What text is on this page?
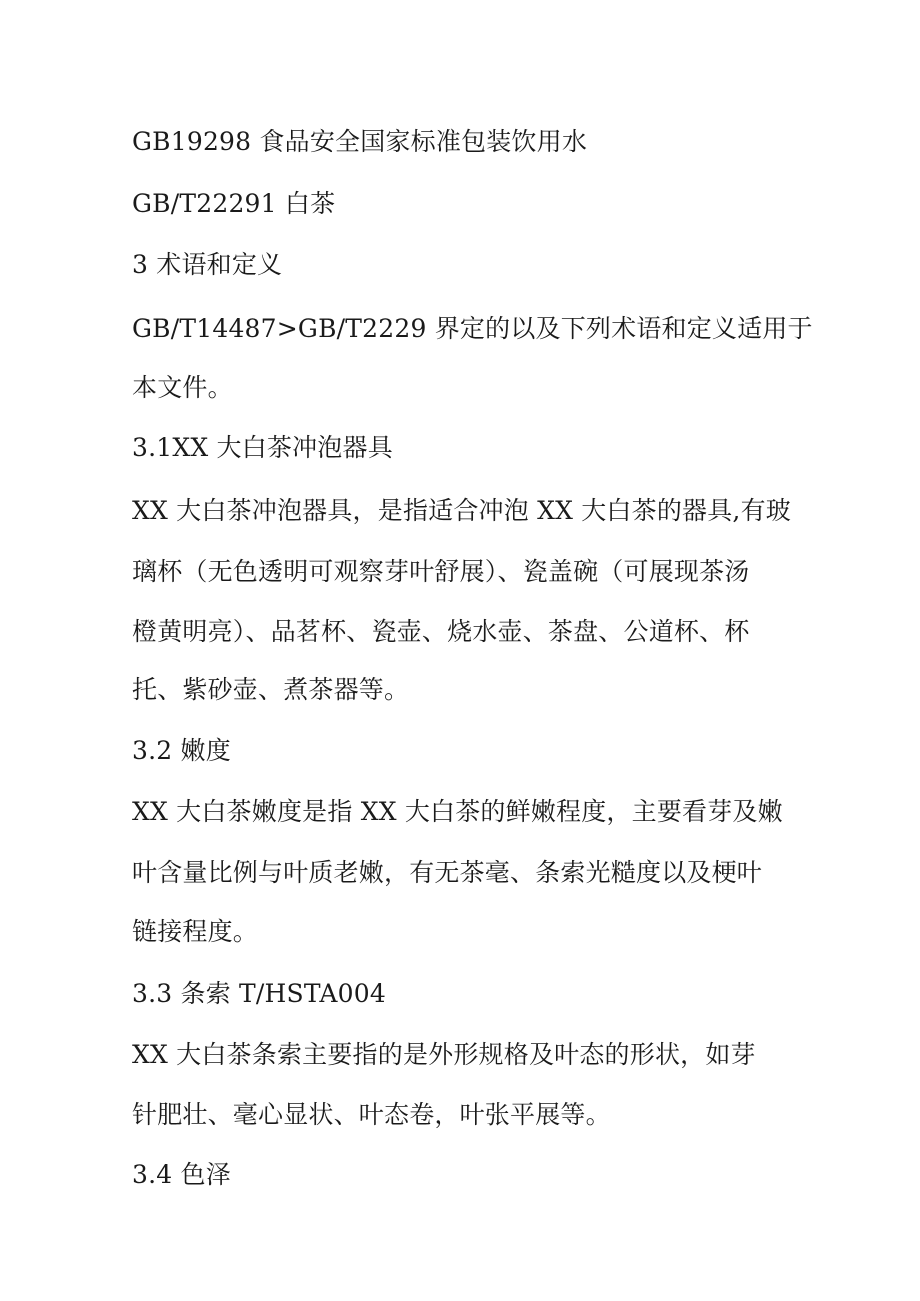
GB19298 食品安全国家标准包装饮用水
GB/T22291 白茶
3 术语和定义
GB/T14487>GB/T2229 界定的以及下列术语和定义适用于
本文件。
3.1XX 大白茶冲泡器具
XX 大白茶冲泡器具，是指适合冲泡 XX 大白茶的器具,有玻
璃杯（无色透明可观察芽叶舒展）、瓷盖碗（可展现茶汤
橙黄明亮）、品茗杯、瓷壶、烧水壶、茶盘、公道杯、杯
托、紫砂壶、煮茶器等。
3.2 嫩度
XX 大白茶嫩度是指 XX 大白茶的鲜嫩程度，主要看芽及嫩
叶含量比例与叶质老嫩，有无茶毫、条索光糙度以及梗叶
链接程度。
3.3 条索 T/HSTA004
XX 大白茶条索主要指的是外形规格及叶态的形状，如芽
针肥壮、毫心显状、叶态卷，叶张平展等。
3.4 色泽
